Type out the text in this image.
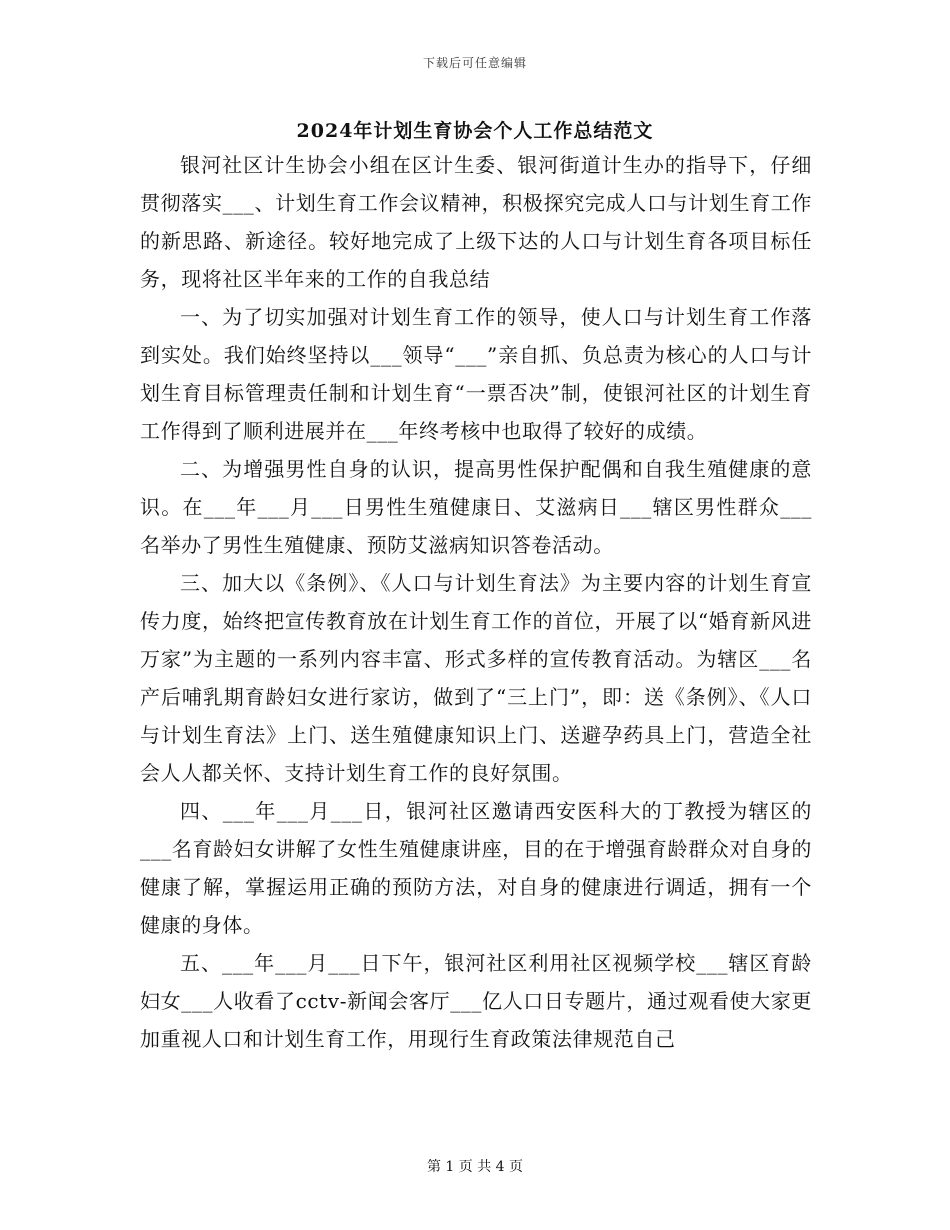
下载后可任意编辑
2024年计划生育协会个人工作总结范文

银河社区计生协会小组在区计生委、银河街道计生办的指导下，仔细贯彻落实___、计划生育工作会议精神，积极探究完成人口与计划生育工作的新思路、新途径。较好地完成了上级下达的人口与计划生育各项目标任务，现将社区半年来的工作的自我总结

一、为了切实加强对计划生育工作的领导，使人口与计划生育工作落到实处。我们始终坚持以___领导“___”亲自抓、负总责为核心的人口与计划生育目标管理责任制和计划生育“一票否决”制，使银河社区的计划生育工作得到了顺利进展并在___年终考核中也取得了较好的成绩。

二、为增强男性自身的认识，提高男性保护配偶和自我生殖健康的意识。在___年___月___日男性生殖健康日、艾滋病日___辖区男性群众___名举办了男性生殖健康、预防艾滋病知识答卷活动。

三、加大以《条例》、《人口与计划生育法》为主要内容的计划生育宣传力度，始终把宣传教育放在计划生育工作的首位，开展了以“婚育新风进万家”为主题的一系列内容丰富、形式多样的宣传教育活动。为辖区___名产后哺乳期育龄妇女进行家访，做到了“三上门”，即：送《条例》、《人口与计划生育法》上门、送生殖健康知识上门、送避孕药具上门，营造全社会人人都关怀、支持计划生育工作的良好氛围。

四、___年___月___日，银河社区邀请西安医科大的丁教授为辖区的___名育龄妇女讲解了女性生殖健康讲座，目的在于增强育龄群众对自身的健康了解，掌握运用正确的预防方法，对自身的健康进行调适，拥有一个健康的身体。

五、___年___月___日下午，银河社区利用社区视频学校___辖区育龄妇女___人收看了cctv-新闻会客厅___亿人口日专题片，通过观看使大家更加重视人口和计划生育工作，用现行生育政策法律规范自己

第 1 页 共 4 页
